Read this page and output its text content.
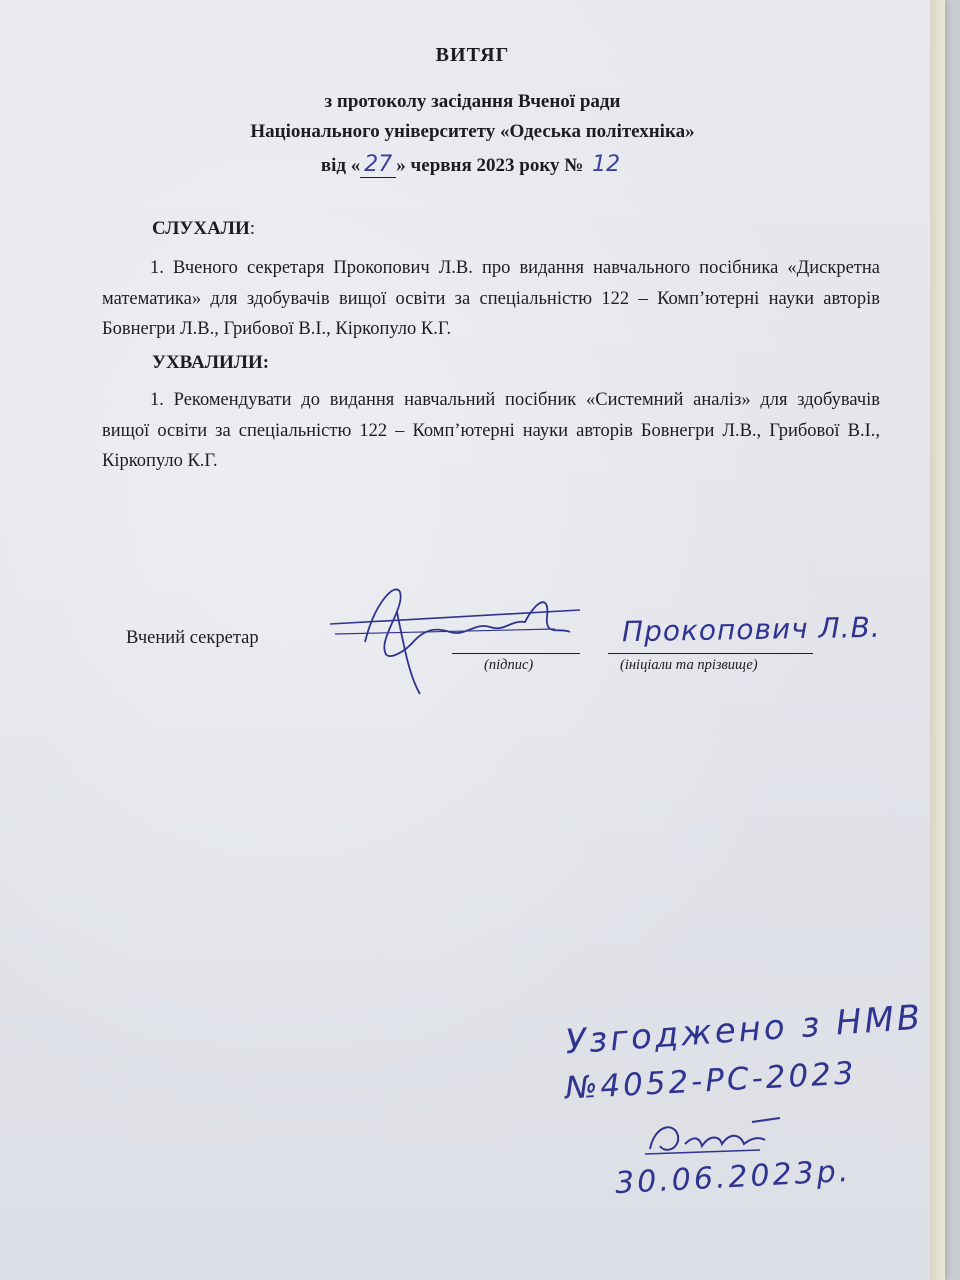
ВИТЯГ
з протоколу засідання Вченої ради
Національного університету «Одеська політехніка»
від « 27 » червня 2023 року № 12
СЛУХАЛИ:
1. Вченого секретаря Прокопович Л.В. про видання навчального посібника «Дискретна математика» для здобувачів вищої освіти за спеціальністю 122 – Комп’ютерні науки авторів Бовнегри Л.В., Грибової В.І., Кіркопуло К.Г.
УХВАЛИЛИ:
1. Рекомендувати до видання навчальний посібник «Системний аналіз» для здобувачів вищої освіти за спеціальністю 122 – Комп’ютерні науки авторів Бовнегри Л.В., Грибової В.І., Кіркопуло К.Г.
Вчений секретар
(підпис)	(ініціали та прізвище)
Прокопович Л.В.
Узгоджено з НМВ
№4052-РС-2023
30.06.2023р.
